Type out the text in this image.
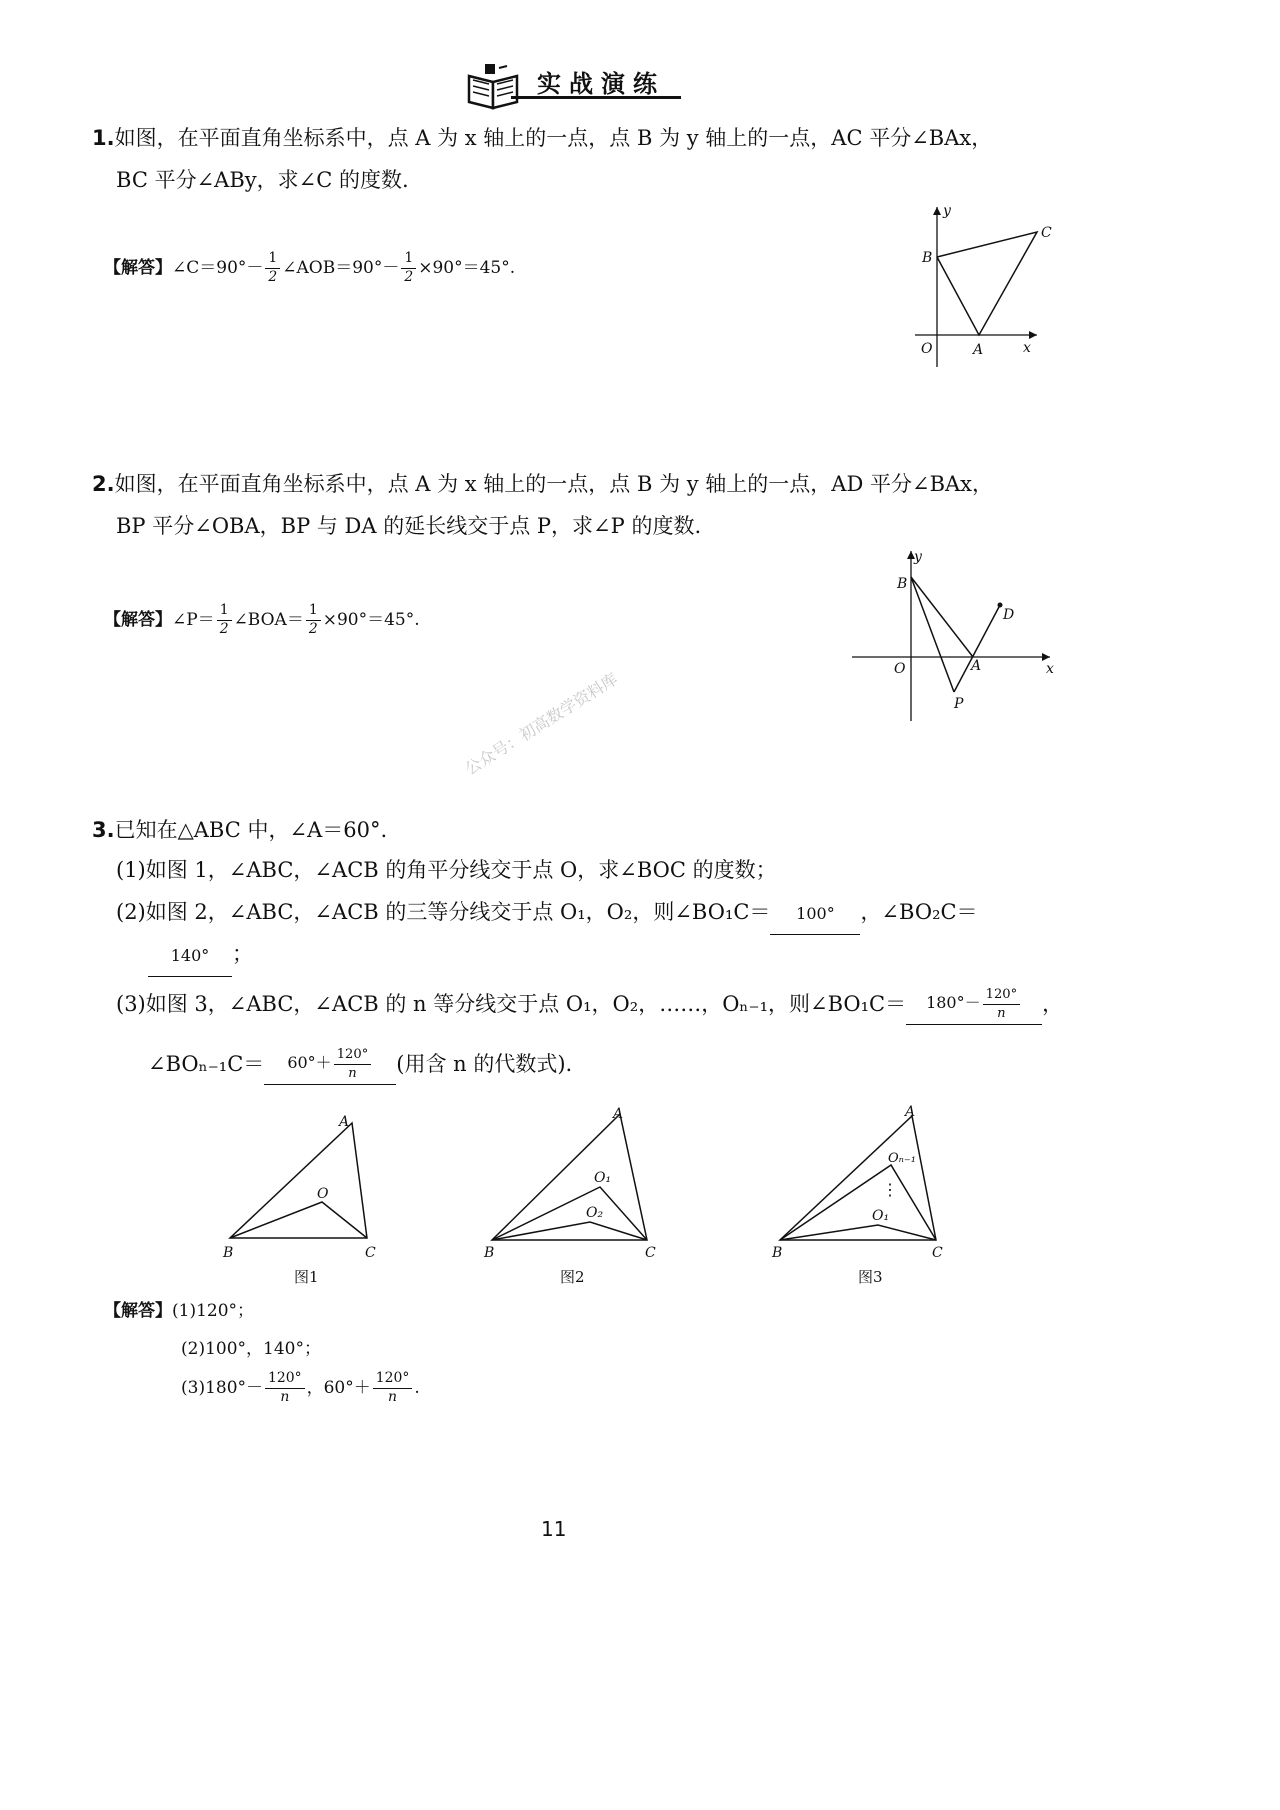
实战演练
1.如图，在平面直角坐标系中，点 A 为 x 轴上的一点，点 B 为 y 轴上的一点，AC 平分∠BAx，
BC 平分∠ABy，求∠C 的度数.
【解答】∠C＝90°－ $\frac{1}{2}$ ∠AOB＝90°－ $\frac{1}{2} \times 90^\circ=45^\circ$.
y
x
O	A
B
C
2.如图，在平面直角坐标系中，点 A 为 x 轴上的一点，点 B 为 y 轴上的一点，AD 平分∠BAx，
BP 平分∠OBA，BP 与 DA 的延长线交于点 P，求∠P 的度数.
【解答】∠P＝ $\frac{1}{2}$ ∠BOA＝ $\frac{1}{2} \times 90^\circ=45^\circ$.
y
x
O	A
B
D
P
公众号：初高数学资料库
3.已知在△ABC 中，∠A＝60°.
(1)如图 1，∠ABC，∠ACB 的角平分线交于点 O，求∠BOC 的度数；
(2)如图 2，∠ABC，∠ACB 的三等分线交于点 O₁，O₂，则∠BO₁C＝ 100° ，∠BO₂C＝
140° ；
(3)如图 3，∠ABC，∠ACB 的 n 等分线交于点 O₁，O₂，……，Oₙ₋₁，则∠BO₁C＝ $180^\circ- \frac{120^\circ}{n}$ ，
∠BOₙ₋₁C＝ $60^\circ+ \frac{120^\circ}{n}$ (用含 n 的代数式).
A
B	C
O
图1
A
B	C
O₁
O₂
图2
A
B	C
Oₙ₋₁
⋮
O₁
图3
【解答】(1)120°；
(2)100°，140°；
$(3)180^\circ- \frac{120^\circ}{n}$ ，$60^\circ+ \frac{120^\circ}{n}$ .
11
